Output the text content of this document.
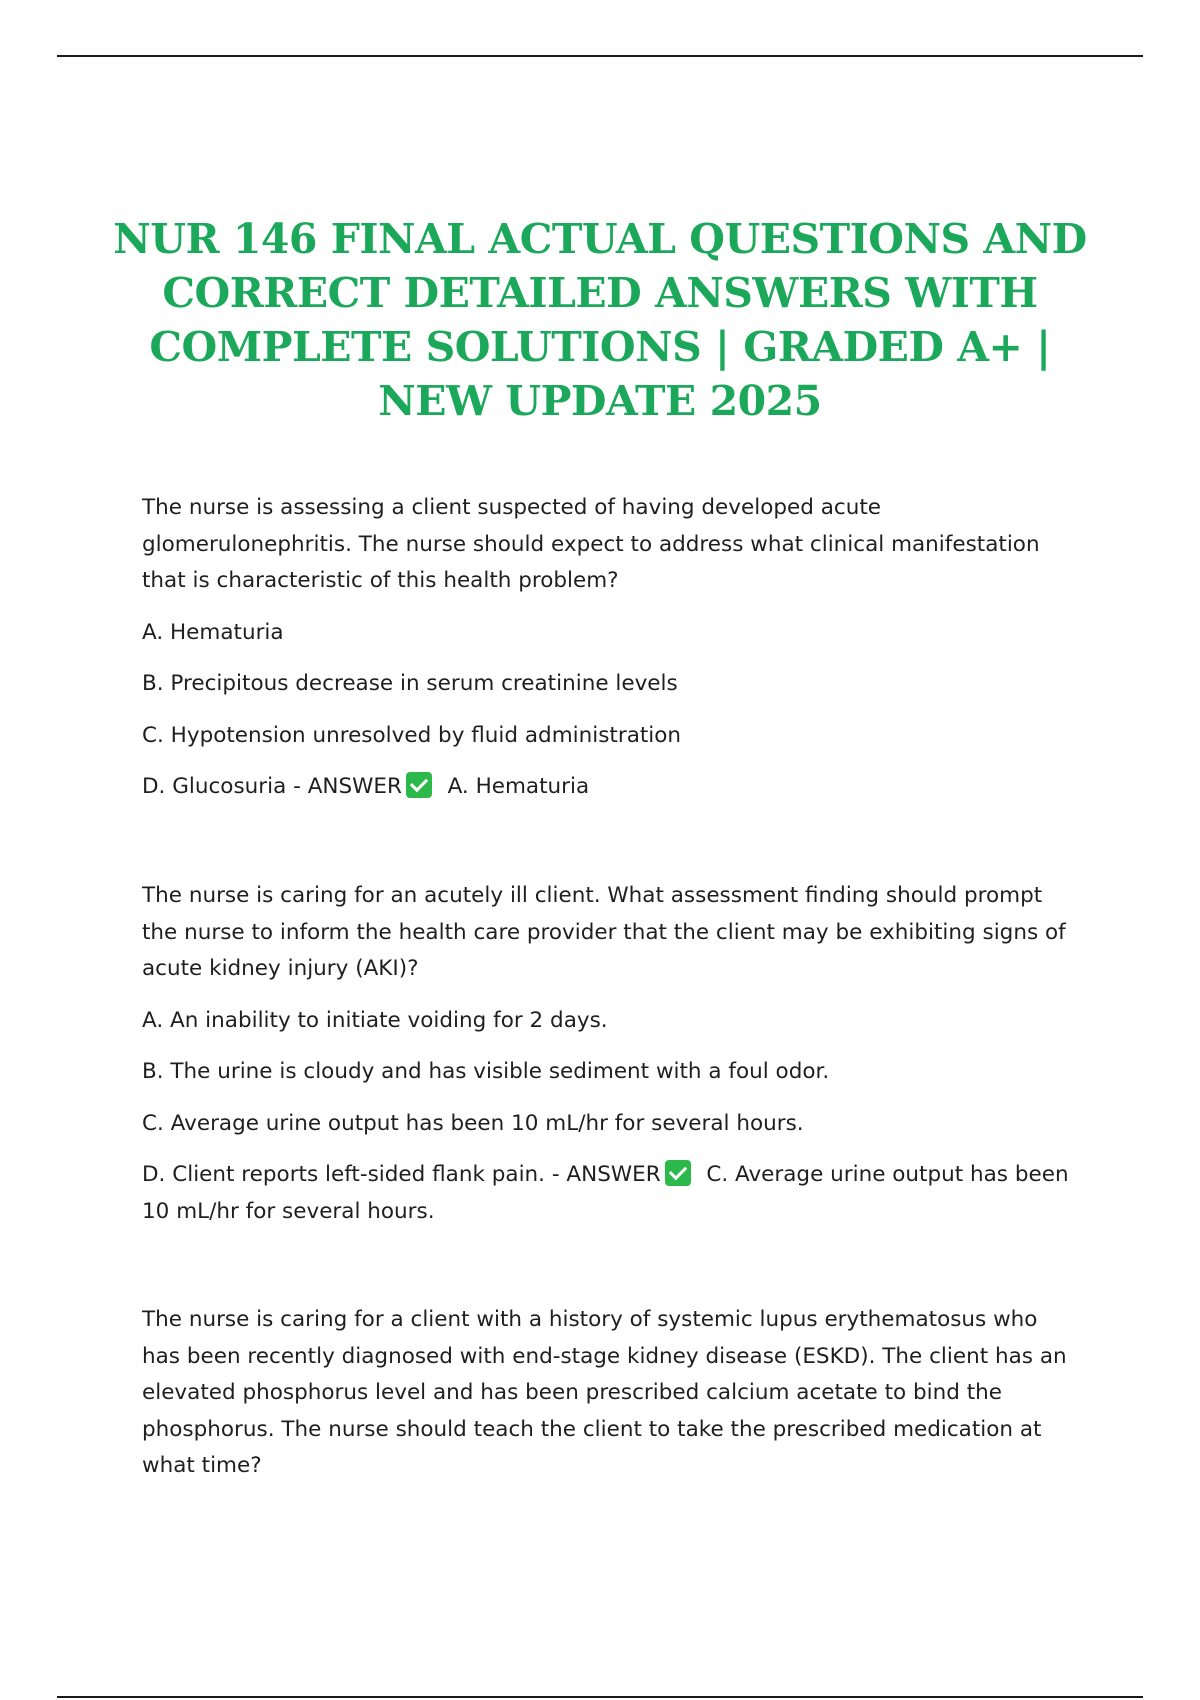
NUR 146 FINAL ACTUAL QUESTIONS AND
CORRECT DETAILED ANSWERS WITH
COMPLETE SOLUTIONS | GRADED A+ |
NEW UPDATE 2025

The nurse is assessing a client suspected of having developed acute glomerulonephritis. The nurse should expect to address what clinical manifestation that is characteristic of this health problem?

A. Hematuria

B. Precipitous decrease in serum creatinine levels

C. Hypotension unresolved by fluid administration

D. Glucosuria - ANSWER A. Hematuria

The nurse is caring for an acutely ill client. What assessment finding should prompt the nurse to inform the health care provider that the client may be exhibiting signs of acute kidney injury (AKI)?

A. An inability to initiate voiding for 2 days.

B. The urine is cloudy and has visible sediment with a foul odor.

C. Average urine output has been 10 mL/hr for several hours.

D. Client reports left-sided flank pain. - ANSWER C. Average urine output has been 10 mL/hr for several hours.

The nurse is caring for a client with a history of systemic lupus erythematosus who has been recently diagnosed with end-stage kidney disease (ESKD). The client has an elevated phosphorus level and has been prescribed calcium acetate to bind the phosphorus. The nurse should teach the client to take the prescribed medication at what time?
